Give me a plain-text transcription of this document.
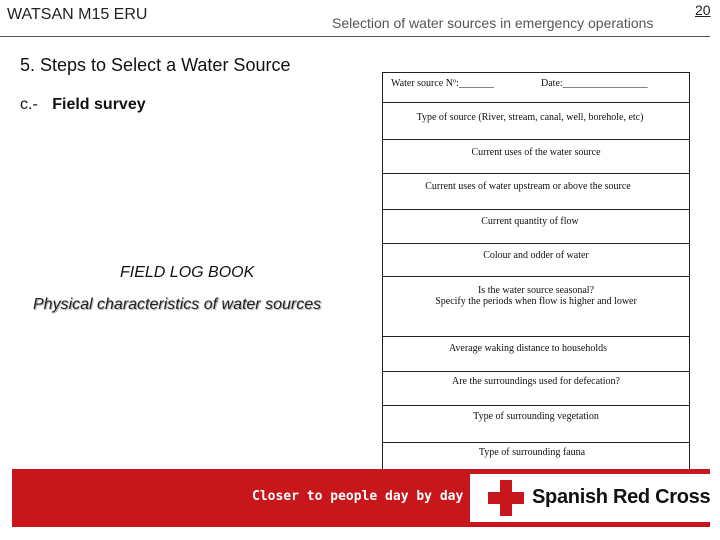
WATSAN M15 ERU	Selection of water sources in emergency operations
20
5. Steps to Select a Water Source
c.- Field survey
FIELD LOG BOOK
Physical characteristics of water sources
Water source Nº:_______	Date:_________________
Type of source (River, stream, canal, well, borehole, etc)
Current uses of the water source
Current uses of water upstream or above the source
Current quantity of flow
Colour and odder of water
Is the water source seasonal?
Specify the periods when flow is higher and lower
Average waking distance to households
Are the surroundings used for defecation?
Type of surrounding vegetation
Type of surrounding fauna
Closer to people day by day	Spanish Red Cross
